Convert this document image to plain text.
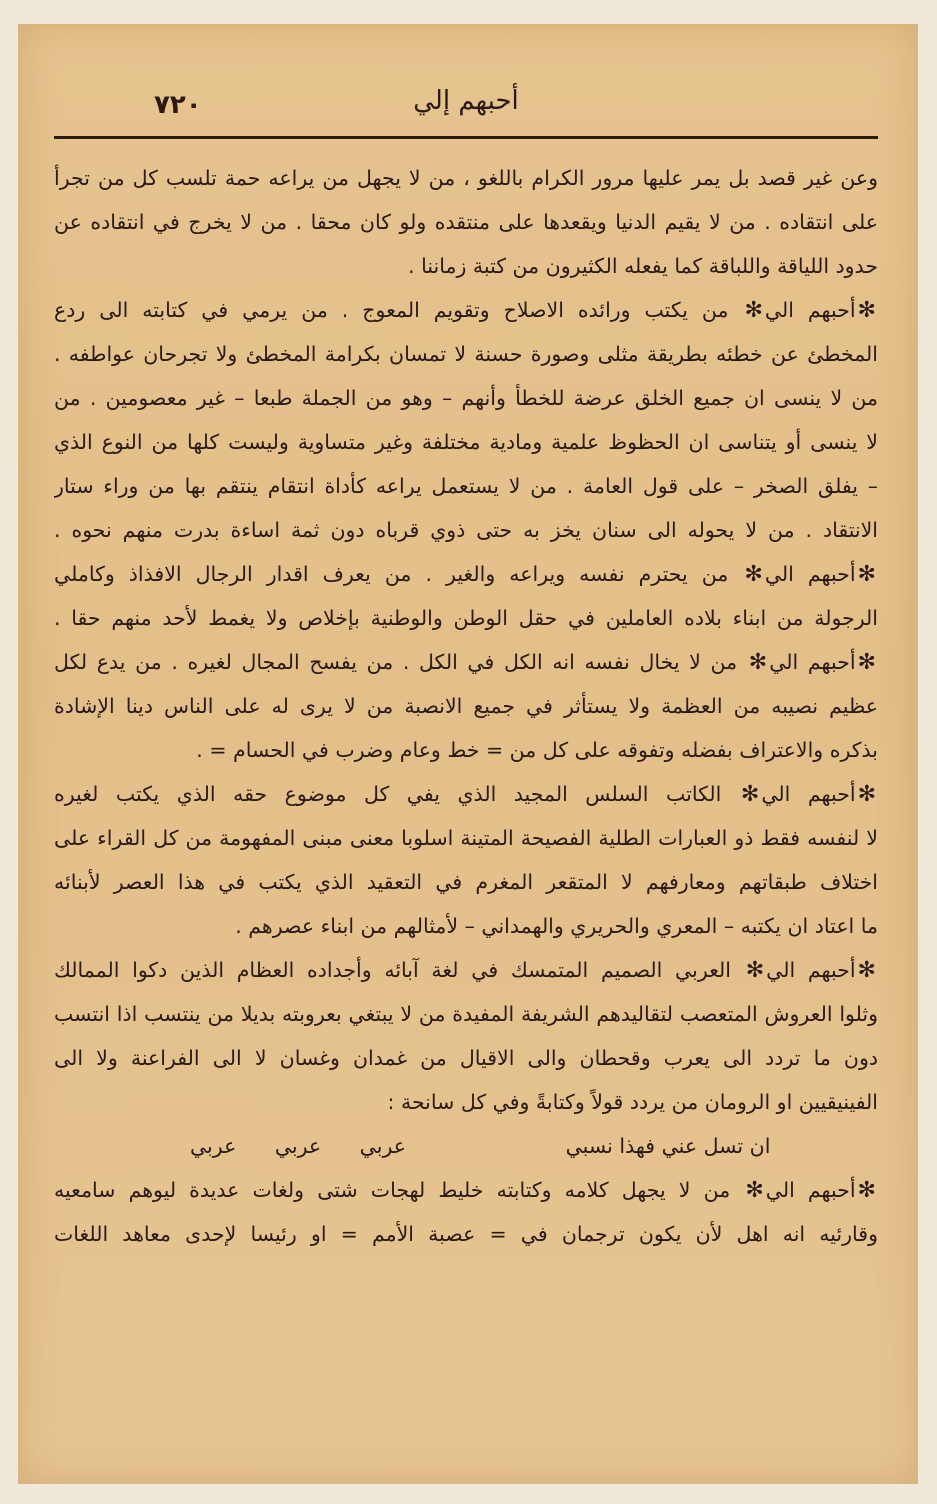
أحبهم إلي
٧٢٠
وعن غير قصد بل يمر عليها مرور الكرام باللغو ، من لا يجهل من يراعه حمة تلسب كل من تجرأ
على انتقاده . من لا يقيم الدنيا ويقعدها على منتقده ولو كان محقا . من لا يخرج في انتقاده عن
حدود اللياقة واللباقة كما يفعله الكثيرون من كتبة زماننا .
✻أحبهم الي✻ من يكتب ورائده الاصلاح وتقويم المعوج . من يرمي في كتابته الى ردع
المخطئ عن خطئه بطريقة مثلى وصورة حسنة لا تمسان بكرامة المخطئ ولا تجرحان عواطفه .
من لا ينسى ان جميع الخلق عرضة للخطأ وأنهم – وهو من الجملة طبعا – غير معصومين . من
لا ينسى أو يتناسى ان الحظوظ علمية ومادية مختلفة وغير متساوية وليست كلها من النوع الذي
– يفلق الصخر – على قول العامة . من لا يستعمل يراعه كأداة انتقام ينتقم بها من وراء ستار
الانتقاد . من لا يحوله الى سنان يخز به حتى ذوي قرباه دون ثمة اساءة بدرت منهم نحوه .
✻أحبهم الي✻ من يحترم نفسه ويراعه والغير . من يعرف اقدار الرجال الافذاذ وكاملي
الرجولة من ابناء بلاده العاملين في حقل الوطن والوطنية بإخلاص ولا يغمط لأحد منهم حقا .
✻أحبهم الي✻ من لا يخال نفسه انه الكل في الكل . من يفسح المجال لغيره . من يدع لكل
عظيم نصيبه من العظمة ولا يستأثر في جميع الانصبة من لا يرى له على الناس دينا الإشادة
بذكره والاعتراف بفضله وتفوقه على كل من = خط وعام وضرب في الحسام = .
✻أحبهم الي✻ الكاتب السلس المجيد الذي يفي كل موضوع حقه الذي يكتب لغيره
لا لنفسه فقط ذو العبارات الطلية الفصيحة المتينة اسلوبا معنى مبنى المفهومة من كل القراء على
اختلاف طبقاتهم ومعارفهم لا المتقعر المغرم في التعقيد الذي يكتب في هذا العصر لأبنائه
ما اعتاد ان يكتبه – المعري والحريري والهمداني – لأمثالهم من ابناء عصرهم .
✻أحبهم الي✻ العربي الصميم المتمسك في لغة آبائه وأجداده العظام الذين دكوا الممالك
وثلوا العروش المتعصب لتقاليدهم الشريفة المفيدة من لا يبتغي بعروبته بديلا من ينتسب اذا انتسب
دون ما تردد الى يعرب وقحطان والى الاقيال من غمدان وغسان لا الى الفراعنة ولا الى
الفينيقيين او الرومان من يردد قولاً وكتابةً وفي كل سانحة :
ان تسل عني فهذا نسبي
عربي عربي عربي
✻أحبهم الي✻ من لا يجهل كلامه وكتابته خليط لهجات شتى ولغات عديدة ليوهم سامعيه
وقارئيه انه اهل لأن يكون ترجمان في = عصبة الأمم = او رئيسا لإحدى معاهد اللغات
